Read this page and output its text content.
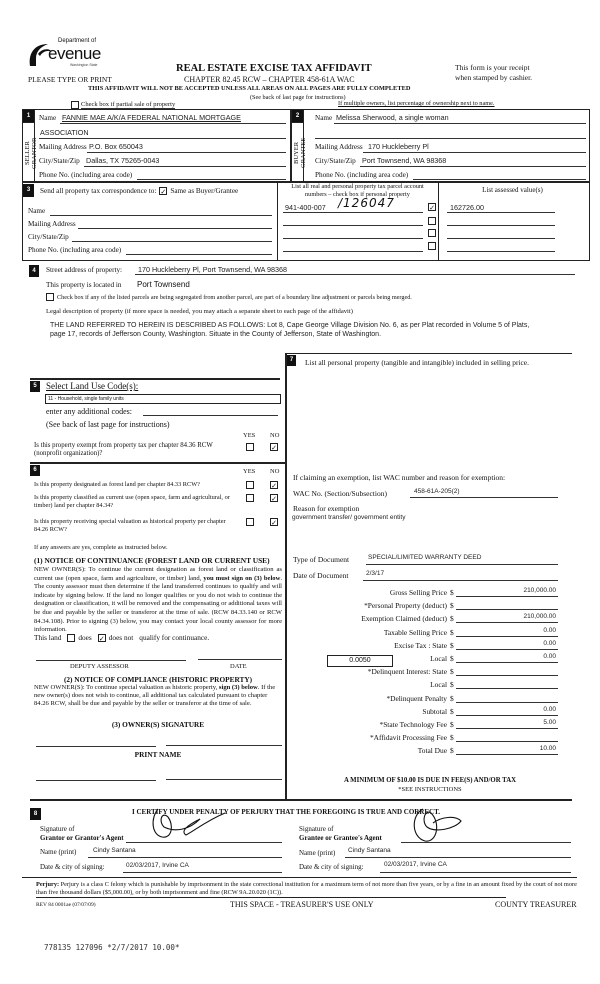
Department of
evenue
Washington State
PLEASE TYPE OR PRINT
REAL ESTATE EXCISE TAX AFFIDAVIT
CHAPTER 82.45 RCW – CHAPTER 458-61A WAC
This form is your receipt
when stamped by cashier.
THIS AFFIDAVIT WILL NOT BE ACCEPTED UNLESS ALL AREAS ON ALL PAGES ARE FULLY COMPLETED
(See back of last page for instructions)
Check box if partial sale of property	If multiple owners, list percentage of ownership next to name.
1
SELLER GRANTOR
Name FANNIE MAE A/K/A FEDERAL NATIONAL MORTGAGE
ASSOCIATION
Mailing Address P.O. Box 650043
City/State/Zip Dallas, TX 75265-0043
Phone No. (including area code)
2
BUYER GRANTEE
Name Melissa Sherwood, a single woman
Mailing Address 170 Huckleberry Pl
City/State/Zip Port Townsend, WA 98368
Phone No. (including area code)
3	Send all property tax correspondence to: ✓ Same as Buyer/Grantee
Name
Mailing Address
City/State/Zip
Phone No. (including area code)
List all real and personal property tax parcel account numbers – check box if personal property	List assessed value(s)
941-400-007 /126047	✓ 162726.00
4	Street address of property: 170 Huckleberry Pl, Port Townsend, WA 98368
This property is located in Port Townsend
Check box if any of the listed parcels are being segregated from another parcel, are part of a boundary line adjustment or parcels being merged.
Legal description of property (if more space is needed, you may attach a separate sheet to each page of the affidavit)
THE LAND REFERRED TO HEREIN IS DESCRIBED AS FOLLOWS: Lot 8, Cape George Village Division No. 6, as per Plat recorded in Volume 5 of Plats, page 17, records of Jefferson County, Washington. Situate in the County of Jefferson, State of Washington.
5	Select Land Use Code(s):
11 - Household, single family units
enter any additional codes:
(See back of last page for instructions)
YES NO
Is this property exempt from property tax per chapter 84.36 RCW (nonprofit organization)?
✓
6	YES NO
Is this property designated as forest land per chapter 84.33 RCW?	✓
Is this property classified as current use (open space, farm and agricultural, or timber) land per chapter 84.34?
✓
Is this property receiving special valuation as historical property per chapter 84.26 RCW?
✓
If any answers are yes, complete as instructed below.
(1) NOTICE OF CONTINUANCE (FOREST LAND OR CURRENT USE)
NEW OWNER(S): To continue the current designation as forest land or classification as current use (open space, farm and agriculture, or timber) land, you must sign on (3) below. The county assessor must then determine if the land transferred continues to qualify and will indicate by signing below. If the land no longer qualifies or you do not wish to continue the designation or classification, it will be removed and the compensating or additional taxes will be due and payable by the seller or transferor at the time of sale. (RCW 84.33.140 or RCW 84.34.108). Prior to signing (3) below, you may contact your local county assessor for more information.
This land does ✓ does not qualify for continuance.
DEPUTY ASSESSOR	DATE
(2) NOTICE OF COMPLIANCE (HISTORIC PROPERTY)
NEW OWNER(S): To continue special valuation as historic property, sign (3) below. If the new owner(s) does not wish to continue, all additional tax calculated pursuant to chapter 84.26 RCW, shall be due and payable by the seller or transferor at the time of sale.
(3) OWNER(S) SIGNATURE
PRINT NAME
7	List all personal property (tangible and intangible) included in selling price.
If claiming an exemption, list WAC number and reason for exemption:
WAC No. (Section/Subsection)	458-61A-205(2)
Reason for exemption
government transfer/ government entity
Type of Document	SPECIAL/LIMITED WARRANTY DEED
Date of Document	2/3/17
Gross Selling Price $	210,000.00
*Personal Property (deduct) $
Exemption Claimed (deduct) $	210,000.00
Taxable Selling Price $	0.00
Excise Tax : State $	0.00
Local $	0.00
*Delinquent Interest: State $
Local $
*Delinquent Penalty $
Subtotal $	0.00
*State Technology Fee $	5.00
*Affidavit Processing Fee $
Total Due $	10.00
0.0050
A MINIMUM OF $10.00 IS DUE IN FEE(S) AND/OR TAX
*SEE INSTRUCTIONS
8	I CERTIFY UNDER PENALTY OF PERJURY THAT THE FOREGOING IS TRUE AND CORRECT.
Signature of
Grantor or Grantor's Agent
Name (print)	Cindy Santana
Date & city of signing:	02/03/2017, Irvine CA
Signature of
Grantee or Grantee's Agent
Name (print) Cindy Santana
Date & city of signing:	02/03/2017, Irvine CA
Perjury: Perjury is a class C felony which is punishable by imprisonment in the state correctional institution for a maximum term of not more than five years, or by a fine in an amount fixed by the court of not more than five thousand dollars ($5,000.00), or by both imprisonment and fine (RCW 9A.20.020 (1C)).
REV 84 0001ae (07/07/09)	THIS SPACE - TREASURER'S USE ONLY	COUNTY TREASURER
778135 127096 *2/7/2017 10.00*
